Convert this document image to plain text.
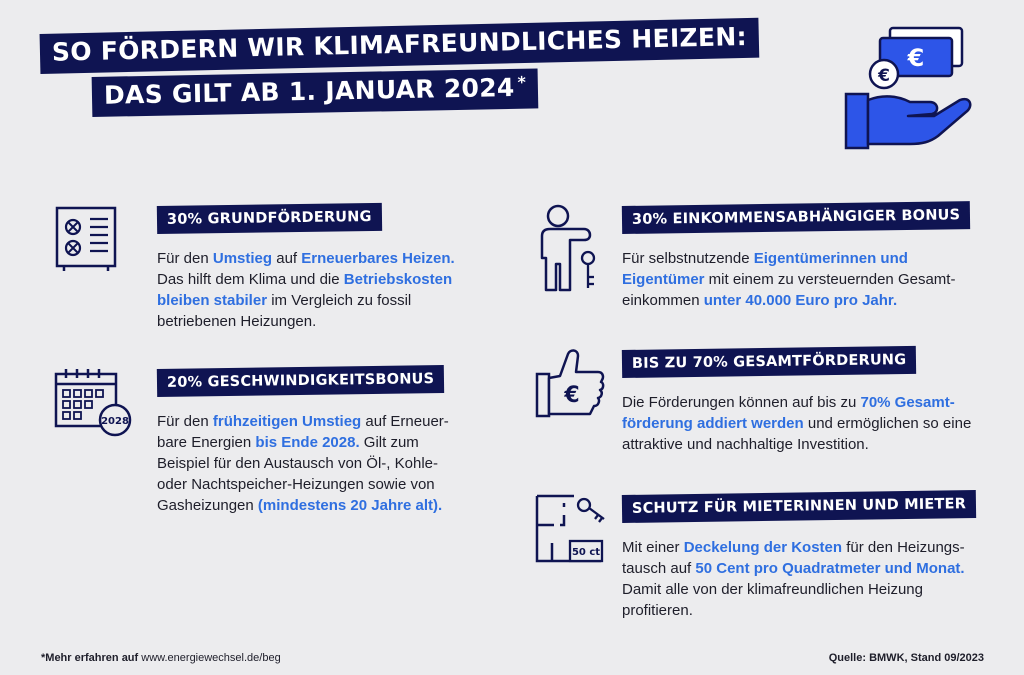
SO FÖRDERN WIR KLIMAFREUNDLICHES HEIZEN:
DAS GILT AB 1. JANUAR 2024 *
€
€
30% GRUNDFÖRDERUNG
Für den Umstieg auf Erneuerbares Heizen.
Das hilft dem Klima und die Betriebskosten
bleiben stabiler im Vergleich zu fossil
betriebenen Heizungen.
2028
20% GESCHWINDIGKEITSBONUS
Für den frühzeitigen Umstieg auf Erneuer-
bare Energien bis Ende 2028. Gilt zum
Beispiel für den Austausch von Öl-, Kohle-
oder Nachtspeicher-Heizungen sowie von
Gasheizungen (mindestens 20 Jahre alt).
30% EINKOMMENSABHÄNGIGER BONUS
Für selbstnutzende Eigentümerinnen und
Eigentümer mit einem zu versteuernden Gesamt-
einkommen unter 40.000 Euro pro Jahr.
€
BIS ZU 70% GESAMTFÖRDERUNG
Die Förderungen können auf bis zu 70% Gesamt-
förderung addiert werden und ermöglichen so eine
attraktive und nachhaltige Investition.
50 ct
SCHUTZ FÜR MIETERINNEN UND MIETER
Mit einer Deckelung der Kosten für den Heizungs-
tausch auf 50 Cent pro Quadratmeter und Monat.
Damit alle von der klimafreundlichen Heizung
profitieren.
*Mehr erfahren auf www.energiewechsel.de/beg	Quelle: BMWK, Stand 09/2023
